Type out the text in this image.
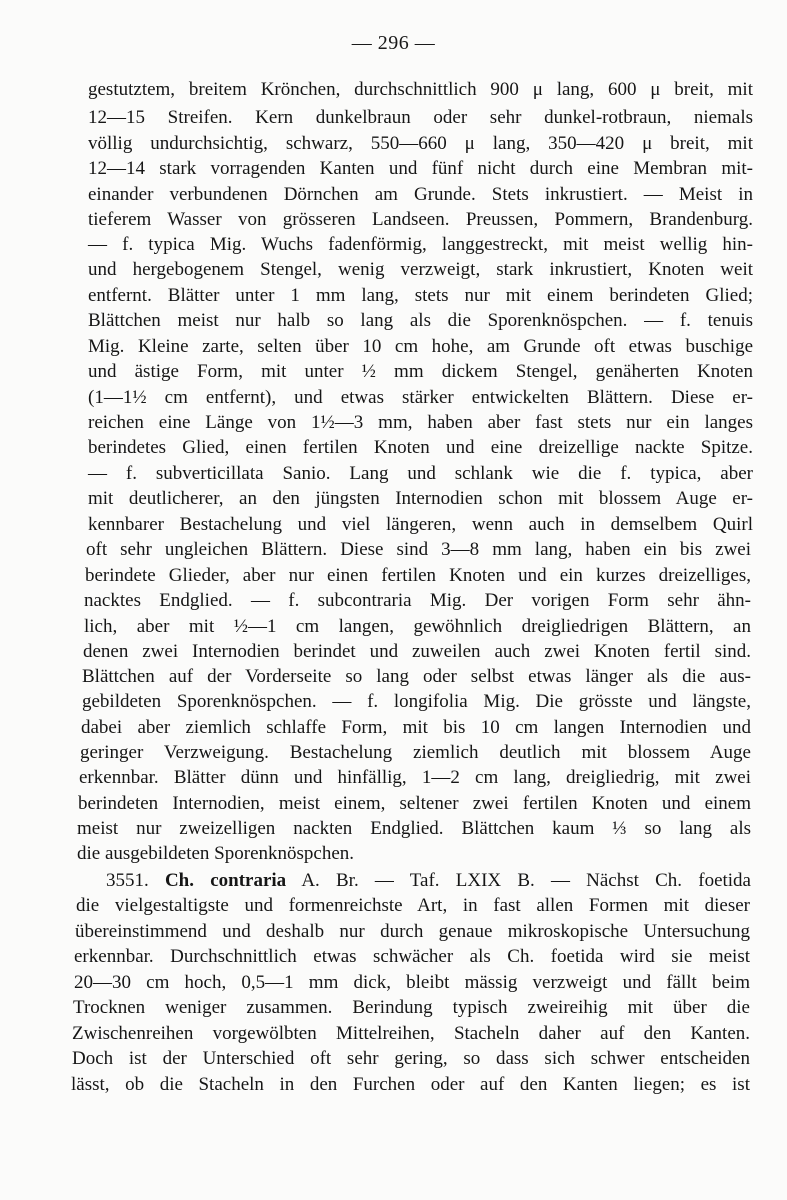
— 296 —
gestutztem, breitem Krönchen, durchschnittlich 900 μ lang, 600 μ breit, mit
12—15 Streifen. Kern dunkelbraun oder sehr dunkel-rotbraun, niemals
völlig undurchsichtig, schwarz, 550—660 μ lang, 350—420 μ breit, mit
12—14 stark vorragenden Kanten und fünf nicht durch eine Membran mit-
einander verbundenen Dörnchen am Grunde. Stets inkrustiert. — Meist in
tieferem Wasser von grösseren Landseen. Preussen, Pommern, Brandenburg.
— f. typica Mig. Wuchs fadenförmig, langgestreckt, mit meist wellig hin-
und hergebogenem Stengel, wenig verzweigt, stark inkrustiert, Knoten weit
entfernt. Blätter unter 1 mm lang, stets nur mit einem berindeten Glied;
Blättchen meist nur halb so lang als die Sporenknöspchen. — f. tenuis
Mig. Kleine zarte, selten über 10 cm hohe, am Grunde oft etwas buschige
und ästige Form, mit unter ½ mm dickem Stengel, genäherten Knoten
(1—1½ cm entfernt), und etwas stärker entwickelten Blättern. Diese er-
reichen eine Länge von 1½—3 mm, haben aber fast stets nur ein langes
berindetes Glied, einen fertilen Knoten und eine dreizellige nackte Spitze.
— f. subverticillata Sanio. Lang und schlank wie die f. typica, aber
mit deutlicherer, an den jüngsten Internodien schon mit blossem Auge er-
kennbarer Bestachelung und viel längeren, wenn auch in demselbem Quirl
oft sehr ungleichen Blättern. Diese sind 3—8 mm lang, haben ein bis zwei
berindete Glieder, aber nur einen fertilen Knoten und ein kurzes dreizelliges,
nacktes Endglied. — f. subcontraria Mig. Der vorigen Form sehr ähn-
lich, aber mit ½—1 cm langen, gewöhnlich dreigliedrigen Blättern, an
denen zwei Internodien berindet und zuweilen auch zwei Knoten fertil sind.
Blättchen auf der Vorderseite so lang oder selbst etwas länger als die aus-
gebildeten Sporenknöspchen. — f. longifolia Mig. Die grösste und längste,
dabei aber ziemlich schlaffe Form, mit bis 10 cm langen Internodien und
geringer Verzweigung. Bestachelung ziemlich deutlich mit blossem Auge
erkennbar. Blätter dünn und hinfällig, 1—2 cm lang, dreigliedrig, mit zwei
berindeten Internodien, meist einem, seltener zwei fertilen Knoten und einem
meist nur zweizelligen nackten Endglied. Blättchen kaum ⅓ so lang als
die ausgebildeten Sporenknöspchen.
3551. Ch. contraria A. Br. — Taf. LXIX B. — Nächst Ch. foetida
die vielgestaltigste und formenreichste Art, in fast allen Formen mit dieser
übereinstimmend und deshalb nur durch genaue mikroskopische Untersuchung
erkennbar. Durchschnittlich etwas schwächer als Ch. foetida wird sie meist
20—30 cm hoch, 0,5—1 mm dick, bleibt mässig verzweigt und fällt beim
Trocknen weniger zusammen. Berindung typisch zweireihig mit über die
Zwischenreihen vorgewölbten Mittelreihen, Stacheln daher auf den Kanten.
Doch ist der Unterschied oft sehr gering, so dass sich schwer entscheiden
lässt, ob die Stacheln in den Furchen oder auf den Kanten liegen; es ist
